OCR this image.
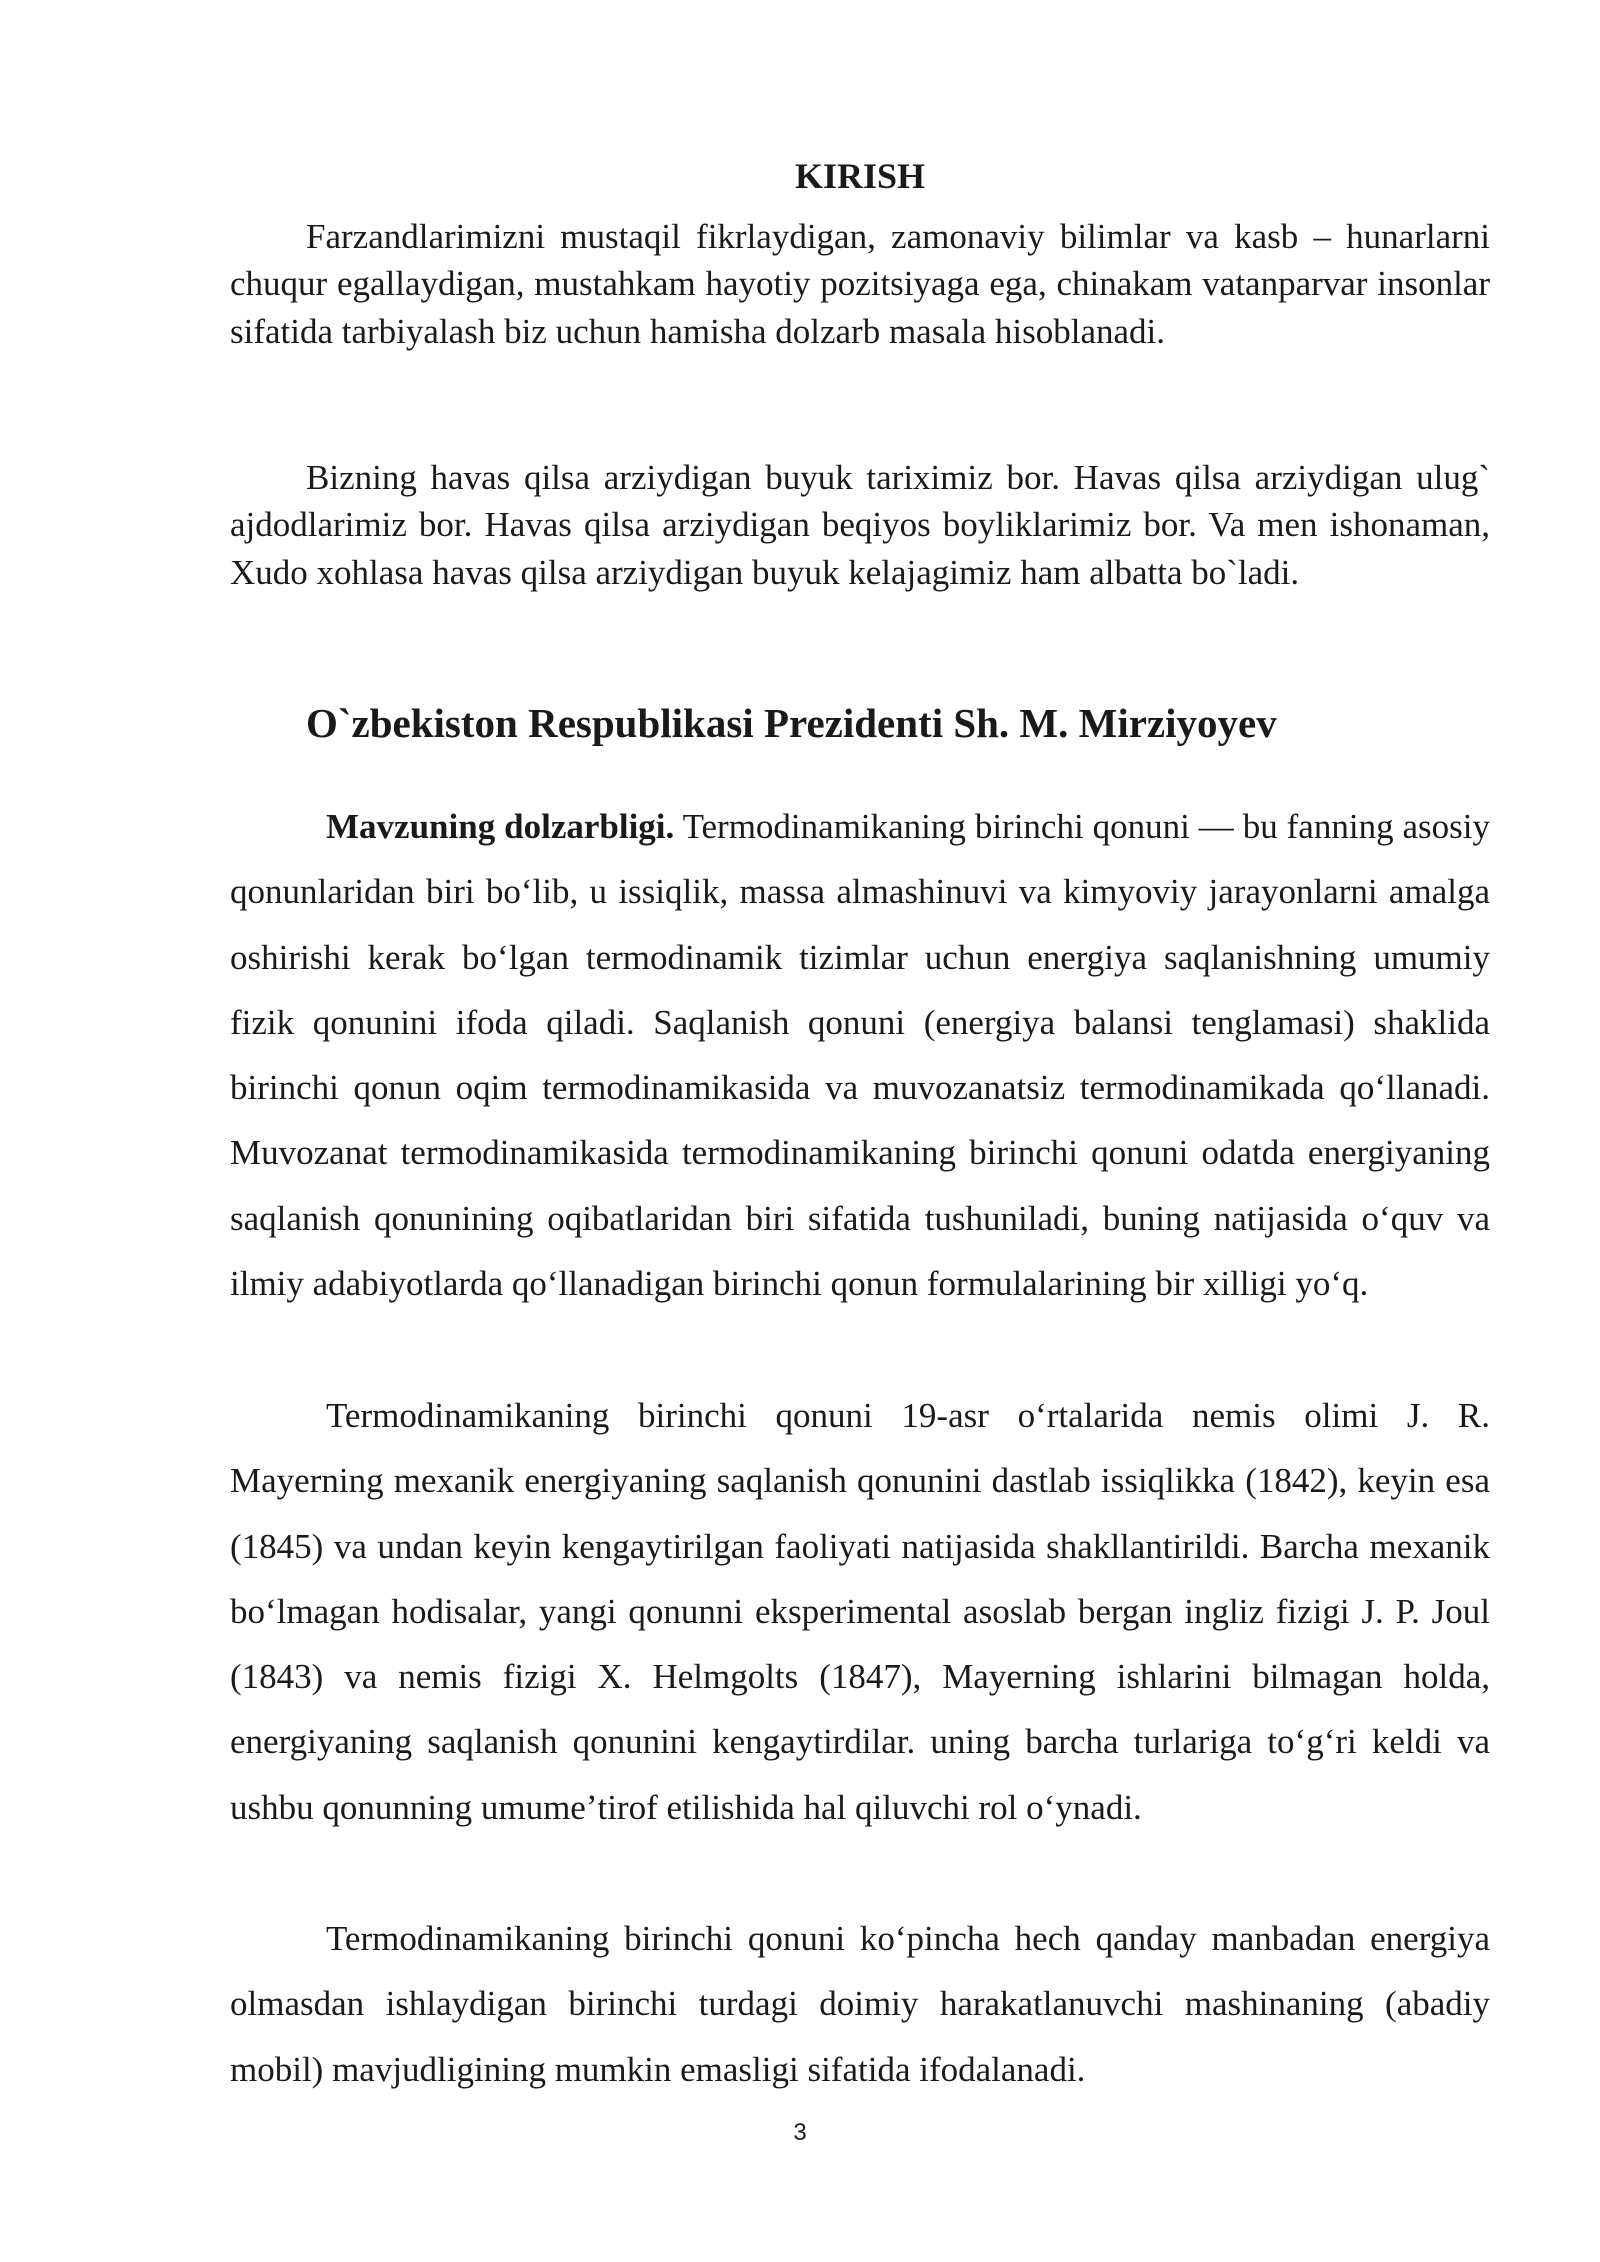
KIRISH

Farzandlarimizni mustaqil fikrlaydigan, zamonaviy bilimlar va kasb – hunarlarni chuqur egallaydigan, mustahkam hayotiy pozitsiyaga ega, chinakam vatanparvar insonlar sifatida tarbiyalash biz uchun hamisha dolzarb masala hisoblanadi.

Bizning havas qilsa arziydigan buyuk tariximiz bor. Havas qilsa arziydigan ulug` ajdodlarimiz bor. Havas qilsa arziydigan beqiyos boyliklarimiz bor. Va men ishonaman, Xudo xohlasa havas qilsa arziydigan buyuk kelajagimiz ham albatta bo`ladi.

O`zbekiston Respublikasi Prezidenti Sh. M. Mirziyoyev

Mavzuning dolzarbligi. Termodinamikaning birinchi qonuni — bu fanning asosiy qonunlaridan biri boʻlib, u issiqlik, massa almashinuvi va kimyoviy jarayonlarni amalga oshirishi kerak boʻlgan termodinamik tizimlar uchun energiya saqlanishning umumiy fizik qonunini ifoda qiladi. Saqlanish qonuni (energiya balansi tenglamasi) shaklida birinchi qonun oqim termodinamikasida va muvozanatsiz termodinamikada qoʻllanadi. Muvozanat termodinamikasida termodinamikaning birinchi qonuni odatda energiyaning saqlanish qonunining oqibatlaridan biri sifatida tushuniladi, buning natijasida oʻquv va ilmiy adabiyotlarda qoʻllanadigan birinchi qonun formulalarining bir xilligi yoʻq.

Termodinamikaning birinchi qonuni 19-asr oʻrtalarida nemis olimi J. R. Mayerning mexanik energiyaning saqlanish qonunini dastlab issiqlikka (1842), keyin esa (1845) va undan keyin kengaytirilgan faoliyati natijasida shakllantirildi. Barcha mexanik boʻlmagan hodisalar, yangi qonunni eksperimental asoslab bergan ingliz fizigi J. P. Joul (1843) va nemis fizigi X. Helmgolts (1847), Mayerning ishlarini bilmagan holda, energiyaning saqlanish qonunini kengaytirdilar. uning barcha turlariga toʻgʻri keldi va ushbu qonunning umumeʼtirof etilishida hal qiluvchi rol oʻynadi.

Termodinamikaning birinchi qonuni koʻpincha hech qanday manbadan energiya olmasdan ishlaydigan birinchi turdagi doimiy harakatlanuvchi mashinaning (abadiy mobil) mavjudligining mumkin emasligi sifatida ifodalanadi.

3
